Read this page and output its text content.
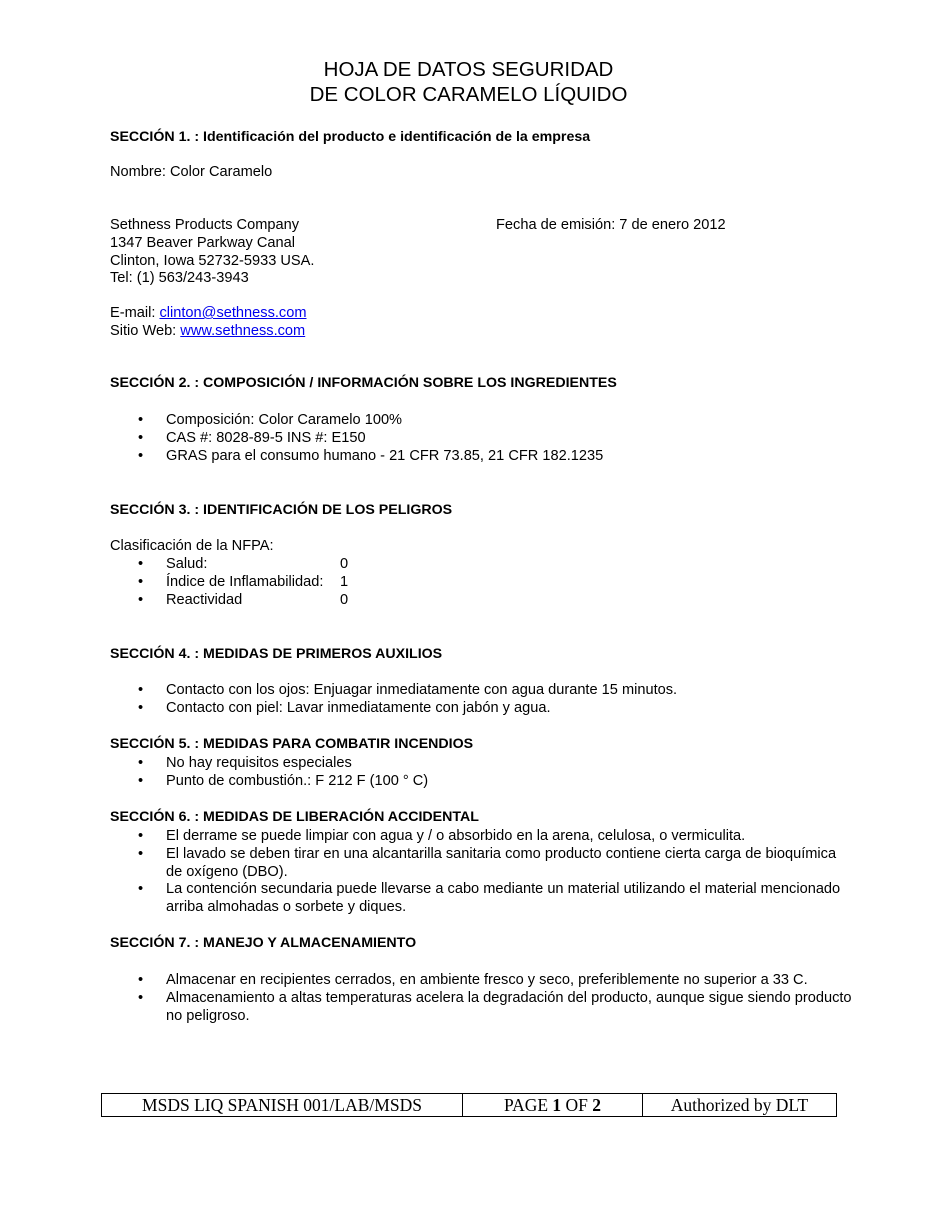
HOJA DE DATOS SEGURIDAD
DE COLOR CARAMELO LÍQUIDO
SECCIÓN 1. : Identificación del producto e identificación de la empresa
Nombre: Color Caramelo
Sethness Products Company	Fecha de emisión: 7 de enero 2012
1347 Beaver Parkway Canal
Clinton, Iowa 52732-5933 USA.
Tel: (1) 563/243-3943
E-mail: clinton@sethness.com
Sitio Web: www.sethness.com
SECCIÓN 2. : COMPOSICIÓN / INFORMACIÓN SOBRE LOS INGREDIENTES
• Composición: Color Caramelo 100%
• CAS #: 8028-89-5 INS #: E150
• GRAS para el consumo humano - 21 CFR 73.85, 21 CFR 182.1235
SECCIÓN 3. : IDENTIFICACIÓN DE LOS PELIGROS
Clasificación de la NFPA:
• Salud:	0
• Índice de Inflamabilidad: 1
• Reactividad	0
SECCIÓN 4. : MEDIDAS DE PRIMEROS AUXILIOS
• Contacto con los ojos: Enjuagar inmediatamente con agua durante 15 minutos.
• Contacto con piel: Lavar inmediatamente con jabón y agua.
SECCIÓN 5. : MEDIDAS PARA COMBATIR INCENDIOS
• No hay requisitos especiales
• Punto de combustión.: F 212 F (100 ° C)
SECCIÓN 6. : MEDIDAS DE LIBERACIÓN ACCIDENTAL
• El derrame se puede limpiar con agua y / o absorbido en la arena, celulosa, o vermiculita.
• El lavado se deben tirar en una alcantarilla sanitaria como producto contiene cierta carga de bioquímica de oxígeno (DBO).
• La contención secundaria puede llevarse a cabo mediante un material utilizando el material mencionado arriba almohadas o sorbete y diques.
SECCIÓN 7. : MANEJO Y ALMACENAMIENTO
• Almacenar en recipientes cerrados, en ambiente fresco y seco, preferiblemente no superior a 33 C.
• Almacenamiento a altas temperaturas acelera la degradación del producto, aunque sigue siendo producto no peligroso.
MSDS LIQ SPANISH 001/LAB/MSDS	PAGE 1 OF 2	Authorized by DLT
